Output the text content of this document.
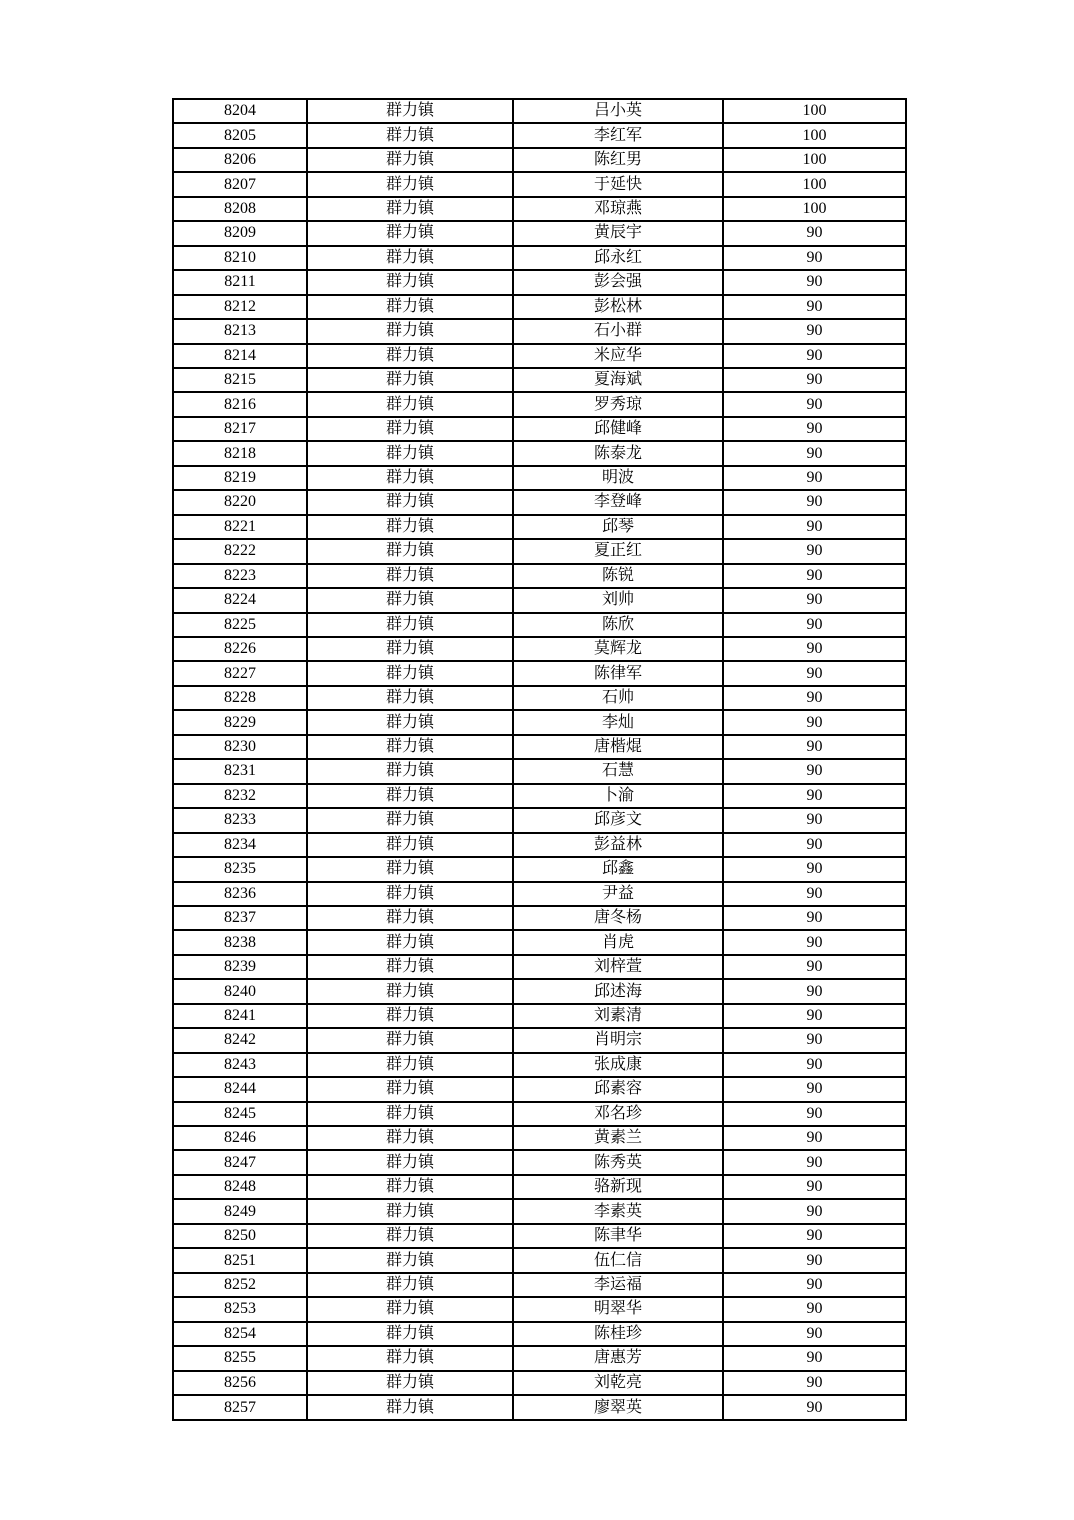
8204	群力镇	吕小英	100
8205	群力镇	李红军	100
8206	群力镇	陈红男	100
8207	群力镇	于延快	100
8208	群力镇	邓琼燕	100
8209	群力镇	黄辰宇	90
8210	群力镇	邱永红	90
8211	群力镇	彭会强	90
8212	群力镇	彭松林	90
8213	群力镇	石小群	90
8214	群力镇	米应华	90
8215	群力镇	夏海斌	90
8216	群力镇	罗秀琼	90
8217	群力镇	邱健峰	90
8218	群力镇	陈泰龙	90
8219	群力镇	明波	90
8220	群力镇	李登峰	90
8221	群力镇	邱琴	90
8222	群力镇	夏正红	90
8223	群力镇	陈锐	90
8224	群力镇	刘帅	90
8225	群力镇	陈欣	90
8226	群力镇	莫辉龙	90
8227	群力镇	陈律军	90
8228	群力镇	石帅	90
8229	群力镇	李灿	90
8230	群力镇	唐楷焜	90
8231	群力镇	石慧	90
8232	群力镇	卜渝	90
8233	群力镇	邱彦文	90
8234	群力镇	彭益林	90
8235	群力镇	邱鑫	90
8236	群力镇	尹益	90
8237	群力镇	唐冬杨	90
8238	群力镇	肖虎	90
8239	群力镇	刘梓萱	90
8240	群力镇	邱述海	90
8241	群力镇	刘素清	90
8242	群力镇	肖明宗	90
8243	群力镇	张成康	90
8244	群力镇	邱素容	90
8245	群力镇	邓名珍	90
8246	群力镇	黄素兰	90
8247	群力镇	陈秀英	90
8248	群力镇	骆新现	90
8249	群力镇	李素英	90
8250	群力镇	陈聿华	90
8251	群力镇	伍仁信	90
8252	群力镇	李运福	90
8253	群力镇	明翠华	90
8254	群力镇	陈桂珍	90
8255	群力镇	唐惠芳	90
8256	群力镇	刘乾亮	90
8257	群力镇	廖翠英	90
